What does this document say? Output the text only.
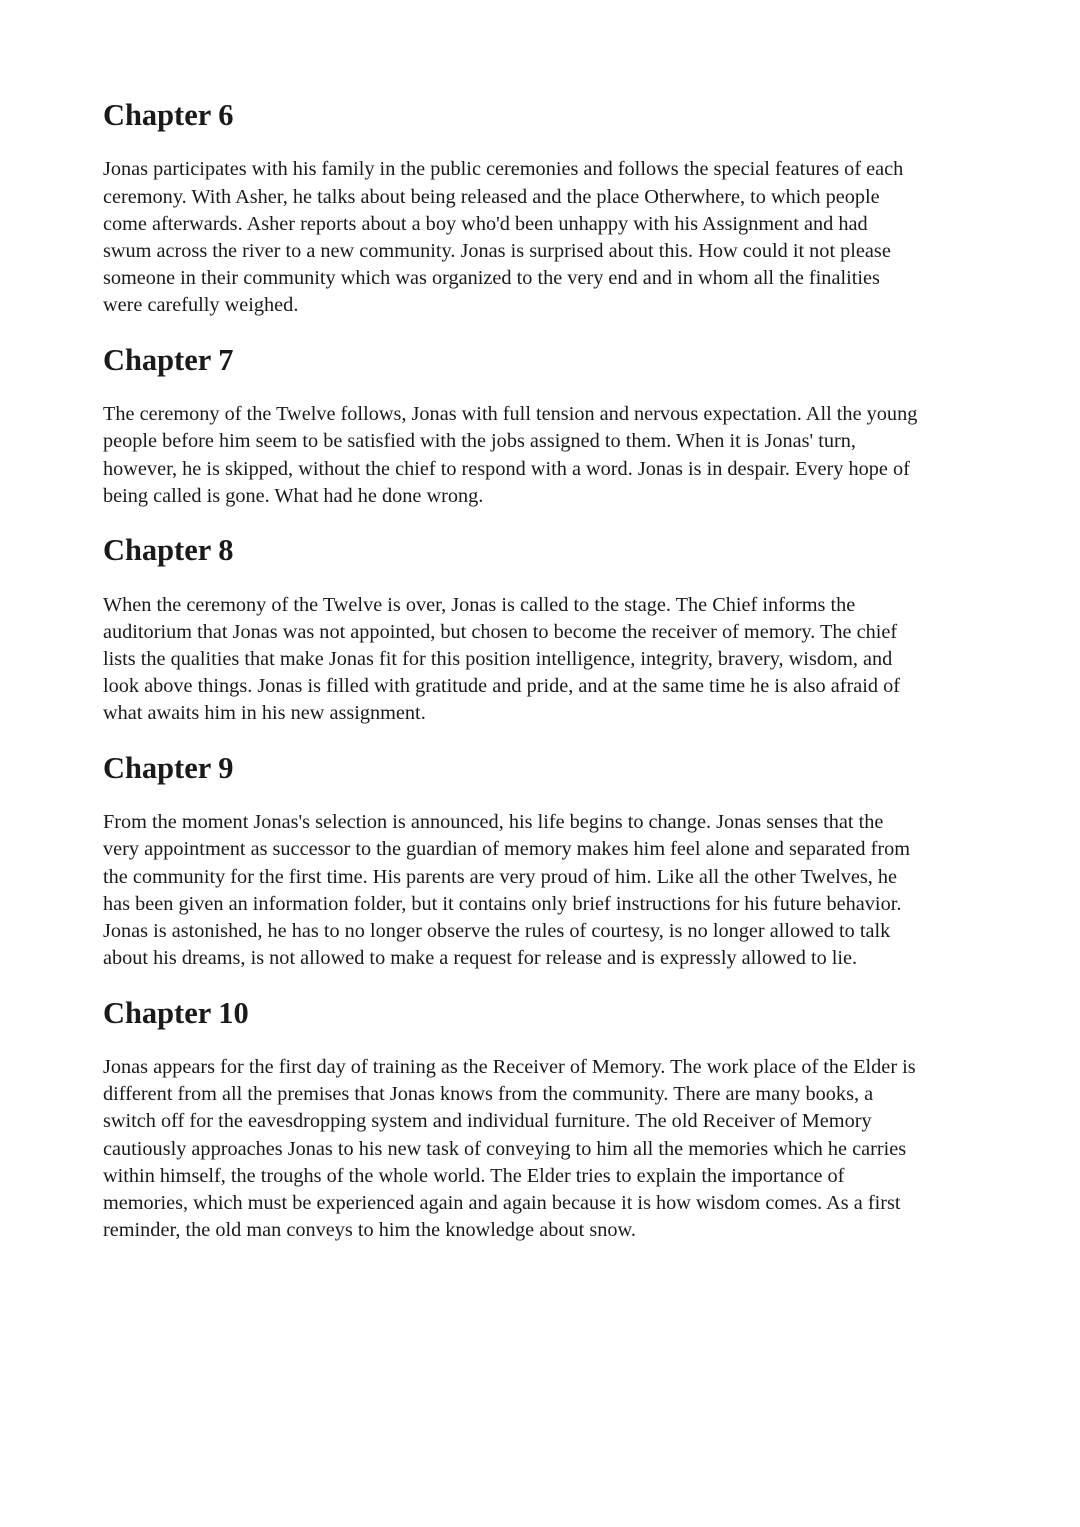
Chapter 6

Jonas participates with his family in the public ceremonies and follows the special features of each
ceremony. With Asher, he talks about being released and the place Otherwhere, to which people
come afterwards. Asher reports about a boy who'd been unhappy with his Assignment and had
swum across the river to a new community. Jonas is surprised about this. How could it not please
someone in their community which was organized to the very end and in whom all the finalities
were carefully weighed.

Chapter 7

The ceremony of the Twelve follows, Jonas with full tension and nervous expectation. All the young
people before him seem to be satisfied with the jobs assigned to them. When it is Jonas' turn,
however, he is skipped, without the chief to respond with a word. Jonas is in despair. Every hope of
being called is gone. What had he done wrong.

Chapter 8

When the ceremony of the Twelve is over, Jonas is called to the stage. The Chief informs the
auditorium that Jonas was not appointed, but chosen to become the receiver of memory. The chief
lists the qualities that make Jonas fit for this position intelligence, integrity, bravery, wisdom, and
look above things. Jonas is filled with gratitude and pride, and at the same time he is also afraid of
what awaits him in his new assignment.

Chapter 9

From the moment Jonas's selection is announced, his life begins to change. Jonas senses that the
very appointment as successor to the guardian of memory makes him feel alone and separated from
the community for the first time. His parents are very proud of him. Like all the other Twelves, he
has been given an information folder, but it contains only brief instructions for his future behavior.
Jonas is astonished, he has to no longer observe the rules of courtesy, is no longer allowed to talk
about his dreams, is not allowed to make a request for release and is expressly allowed to lie.

Chapter 10

Jonas appears for the first day of training as the Receiver of Memory. The work place of the Elder is
different from all the premises that Jonas knows from the community. There are many books, a
switch off for the eavesdropping system and individual furniture. The old Receiver of Memory
cautiously approaches Jonas to his new task of conveying to him all the memories which he carries
within himself, the troughs of the whole world. The Elder tries to explain the importance of
memories, which must be experienced again and again because it is how wisdom comes. As a first
reminder, the old man conveys to him the knowledge about snow.
